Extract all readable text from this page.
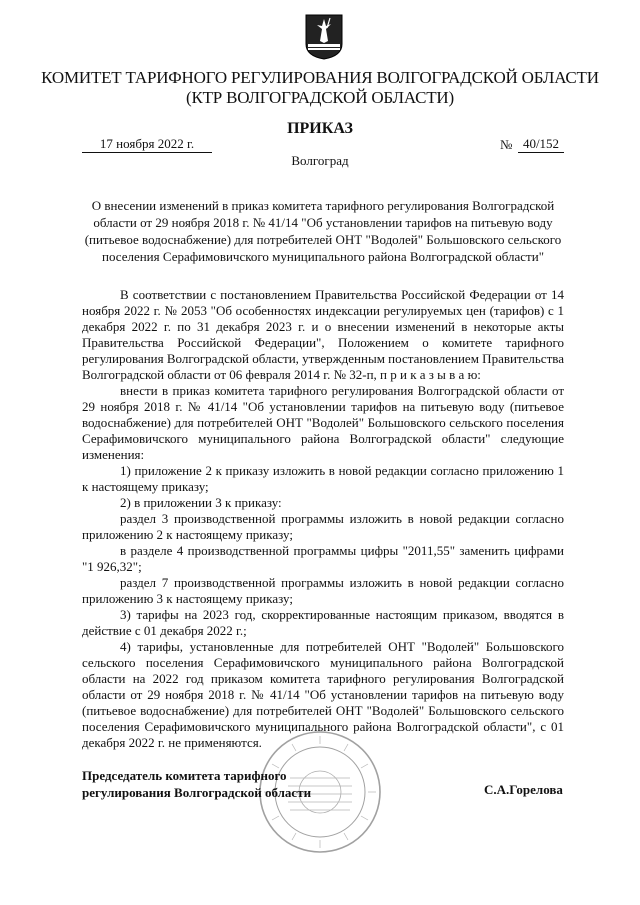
КОМИТЕТ ТАРИФНОГО РЕГУЛИРОВАНИЯ ВОЛГОГРАДСКОЙ ОБЛАСТИ
(КТР ВОЛГОГРАДСКОЙ ОБЛАСТИ)
ПРИКАЗ
17 ноября 2022 г.	№ 40/152
Волгоград
О внесении изменений в приказ комитета тарифного регулирования Волгоградской области от 29 ноября 2018 г. № 41/14 "Об установлении тарифов на питьевую воду (питьевое водоснабжение) для потребителей ОНТ "Водолей" Большовского сельского поселения Серафимовичского муниципального района Волгоградской области"

В соответствии с постановлением Правительства Российской Федерации от 14 ноября 2022 г. № 2053 "Об особенностях индексации регулируемых цен (тарифов) с 1 декабря 2022 г. по 31 декабря 2023 г. и о внесении изменений в некоторые акты Правительства Российской Федерации", Положением о комитете тарифного регулирования Волгоградской области, утвержденным постановлением Правительства Волгоградской области от 06 февраля 2014 г. № 32-п, п р и к а з ы в а ю:

внести в приказ комитета тарифного регулирования Волгоградской области от 29 ноября 2018 г. № 41/14 "Об установлении тарифов на питьевую воду (питьевое водоснабжение) для потребителей ОНТ "Водолей" Большовского сельского поселения Серафимовичского муниципального района Волгоградской области" следующие изменения:

1) приложение 2 к приказу изложить в новой редакции согласно приложению 1 к настоящему приказу;

2) в приложении 3 к приказу:

раздел 3 производственной программы изложить в новой редакции согласно приложению 2 к настоящему приказу;

в разделе 4 производственной программы цифры "2011,55" заменить цифрами "1 926,32";

раздел 7 производственной программы изложить в новой редакции согласно приложению 3 к настоящему приказу;

3) тарифы на 2023 год, скорректированные настоящим приказом, вводятся в действие с 01 декабря 2022 г.;

4) тарифы, установленные для потребителей ОНТ "Водолей" Большовского сельского поселения Серафимовичского муниципального района Волгоградской области на 2022 год приказом комитета тарифного регулирования Волгоградской области от 29 ноября 2018 г. № 41/14 "Об установлении тарифов на питьевую воду (питьевое водоснабжение) для потребителей ОНТ "Водолей" Большовского сельского поселения Серафимовичского муниципального района Волгоградской области", с 01 декабря 2022 г. не применяются.

Председатель комитета тарифного
регулирования Волгоградской области	С.А.Горелова
